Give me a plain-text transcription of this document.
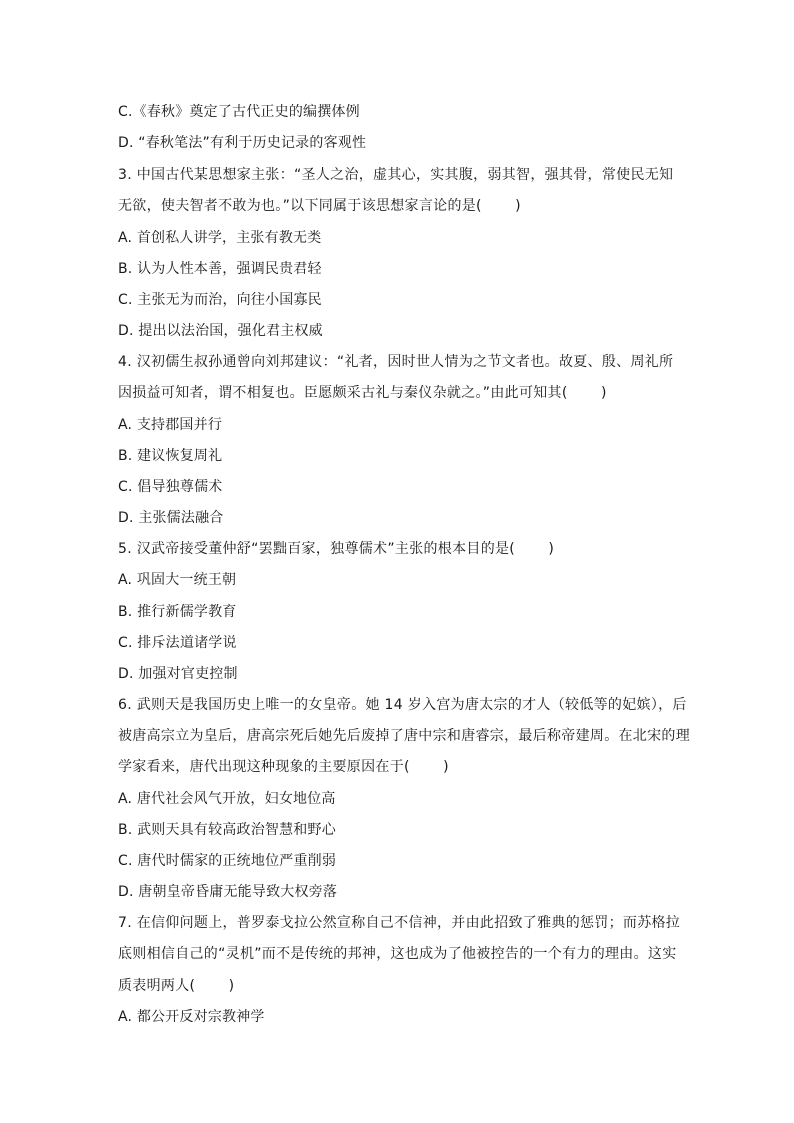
C.《春秋》奠定了古代正史的编撰体例
D. “春秋笔法”有利于历史记录的客观性
3. 中国古代某思想家主张：“圣人之治，虚其心，实其腹，弱其智，强其骨，常使民无知
无欲，使夫智者不敢为也。”以下同属于该思想家言论的是(　　 )
A. 首创私人讲学，主张有教无类
B. 认为人性本善，强调民贵君轻
C. 主张无为而治，向往小国寡民
D. 提出以法治国，强化君主权威
4. 汉初儒生叔孙通曾向刘邦建议：“礼者，因时世人情为之节文者也。故夏、殷、周礼所
因损益可知者，谓不相复也。臣愿颇采古礼与秦仪杂就之。”由此可知其(　　 )
A. 支持郡国并行
B. 建议恢复周礼
C. 倡导独尊儒术
D. 主张儒法融合
5. 汉武帝接受董仲舒“罢黜百家，独尊儒术”主张的根本目的是(　　 )
A. 巩固大一统王朝
B. 推行新儒学教育
C. 排斥法道诸学说
D. 加强对官吏控制
6. 武则天是我国历史上唯一的女皇帝。她 14 岁入宫为唐太宗的才人（较低等的妃嫔），后
被唐高宗立为皇后，唐高宗死后她先后废掉了唐中宗和唐睿宗，最后称帝建周。在北宋的理
学家看来，唐代出现这种现象的主要原因在于(　　 )
A. 唐代社会风气开放，妇女地位高
B. 武则天具有较高政治智慧和野心
C. 唐代时儒家的正统地位严重削弱
D. 唐朝皇帝昏庸无能导致大权旁落
7. 在信仰问题上，普罗泰戈拉公然宣称自己不信神，并由此招致了雅典的惩罚；而苏格拉
底则相信自己的“灵机”而不是传统的邦神，这也成为了他被控告的一个有力的理由。这实
质表明两人(　　 )
A. 都公开反对宗教神学
